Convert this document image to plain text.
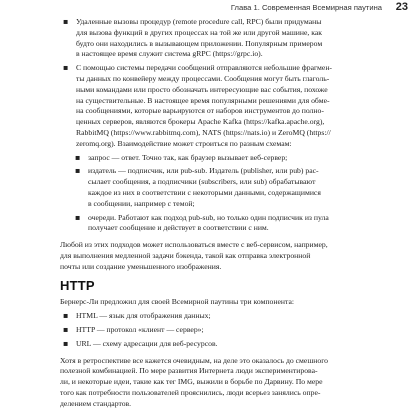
Глава 1. Современная Всемирная паутина 23
▪ Удаленные вызовы процедур (remote procedure call, RPC) были придуманы

для вызова функций в других процессах на той же или другой машине, как

будто они находились в вызывающем приложении. Популярным примером

в настоящее время служит система gRPC (https://grpc.io).

▪ С помощью системы передачи сообщений отправляются небольшие фрагмен-

ты данных по конвейеру между процессами. Сообщения могут быть глаголь-

ными командами или просто обозначать интересующие вас события, похоже

на существительные. В настоящее время популярными решениями для обме-

на сообщениями, которые варьируются от наборов инструментов до полно-

ценных серверов, являются брокеры Apache Kafka (https://kafka.apache.org),

RabbitMQ (https://www.rabbitmq.com), NATS (https://nats.io) и ZeroMQ (https://

zeromq.org). Взаимодействие может строиться по разным схемам:

▪ запрос — ответ. Точно так, как браузер вызывает веб-сервер;

▪ издатель — подписчик, или pub-sub. Издатель (publisher, или pub) рас-

сылает сообщения, а подписчики (subscribers, или sub) обрабатывают

каждое из них в соответствии с некоторыми данными, содержащимися

в сообщении, например с темой;

▪ очереди. Работают как подход pub-sub, но только один подписчик из пула

получает сообщение и действует в соответствии с ним.

Любой из этих подходов может использоваться вместе с веб-сервисом, например,

для выполнения медленной задачи бэкенда, такой как отправка электронной

почты или создание уменьшенного изображения.

HTTP

Бернерс-Ли предложил для своей Всемирной паутины три компонента:

▪ HTML — язык для отображения данных;

▪ HTTP — протокол «клиент — сервер»;

▪ URL — схему адресации для веб-ресурсов.

Хотя в ретроспективе все кажется очевидным, на деле это оказалось до смешного

полезной комбинацией. По мере развития Интернета люди экспериментирова-

ли, и некоторые идеи, такие как тег IMG, выжили в борьбе по Дарвину. По мере

того как потребности пользователей прояснились, люди всерьез занялись опре-

делением стандартов.
